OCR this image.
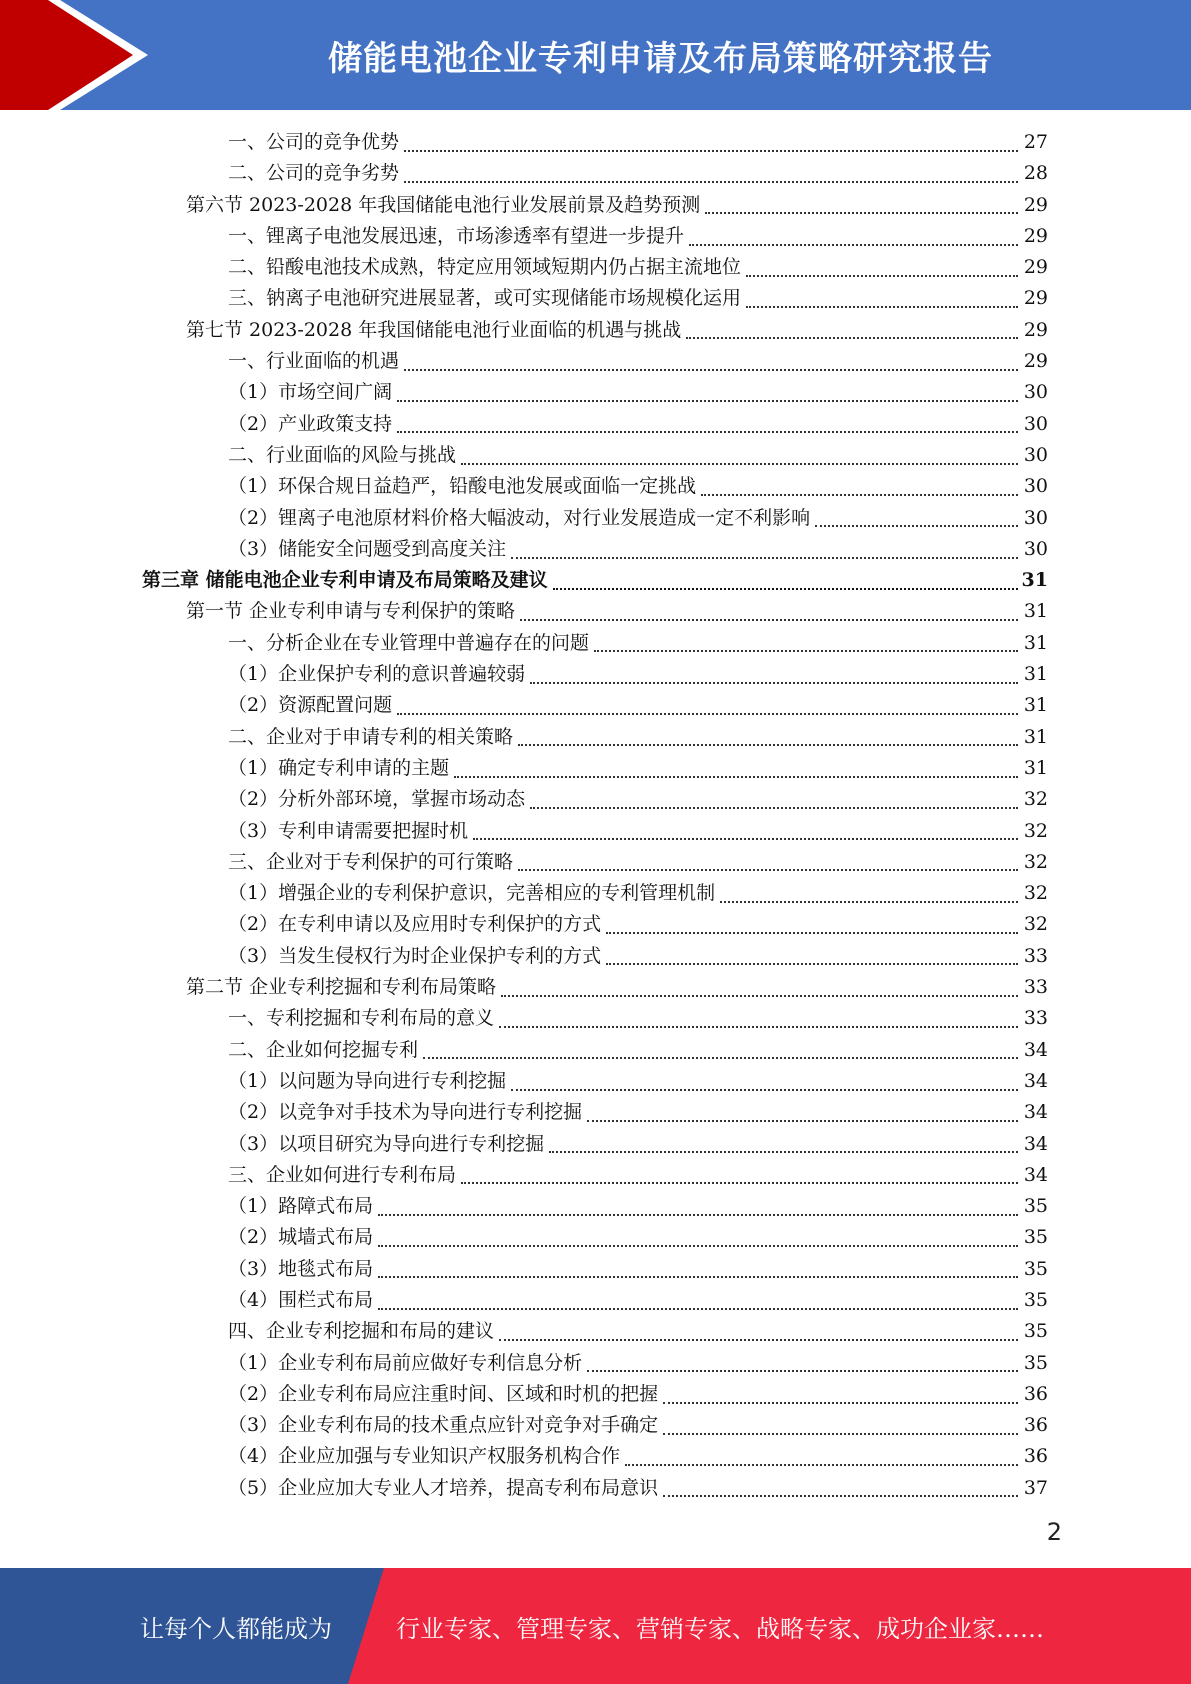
储能电池企业专利申请及布局策略研究报告
一、公司的竞争优势	27
二、公司的竞争劣势	28
第六节 2023-2028 年我国储能电池行业发展前景及趋势预测	29
一、锂离子电池发展迅速，市场渗透率有望进一步提升	29
二、铅酸电池技术成熟，特定应用领域短期内仍占据主流地位	29
三、钠离子电池研究进展显著，或可实现储能市场规模化运用	29
第七节 2023-2028 年我国储能电池行业面临的机遇与挑战	29
一、行业面临的机遇	29
（1）市场空间广阔	30
（2）产业政策支持	30
二、行业面临的风险与挑战	30
（1）环保合规日益趋严，铅酸电池发展或面临一定挑战	30
（2）锂离子电池原材料价格大幅波动，对行业发展造成一定不利影响	30
（3）储能安全问题受到高度关注	30
第三章 储能电池企业专利申请及布局策略及建议	31
第一节 企业专利申请与专利保护的策略	31
一、分析企业在专业管理中普遍存在的问题	31
（1）企业保护专利的意识普遍较弱	31
（2）资源配置问题	31
二、企业对于申请专利的相关策略	31
（1）确定专利申请的主题	31
（2）分析外部环境，掌握市场动态	32
（3）专利申请需要把握时机	32
三、企业对于专利保护的可行策略	32
（1）增强企业的专利保护意识，完善相应的专利管理机制	32
（2）在专利申请以及应用时专利保护的方式	32
（3）当发生侵权行为时企业保护专利的方式	33
第二节 企业专利挖掘和专利布局策略	33
一、专利挖掘和专利布局的意义	33
二、企业如何挖掘专利	34
（1）以问题为导向进行专利挖掘	34
（2）以竞争对手技术为导向进行专利挖掘	34
（3）以项目研究为导向进行专利挖掘	34
三、企业如何进行专利布局	34
（1）路障式布局	35
（2）城墙式布局	35
（3）地毯式布局	35
（4）围栏式布局	35
四、企业专利挖掘和布局的建议	35
（1）企业专利布局前应做好专利信息分析	35
（2）企业专利布局应注重时间、区域和时机的把握	36
（3）企业专利布局的技术重点应针对竞争对手确定	36
（4）企业应加强与专业知识产权服务机构合作	36
（5）企业应加大专业人才培养，提高专利布局意识	37
2
让每个人都能成为	行业专家、管理专家、营销专家、战略专家、成功企业家……
